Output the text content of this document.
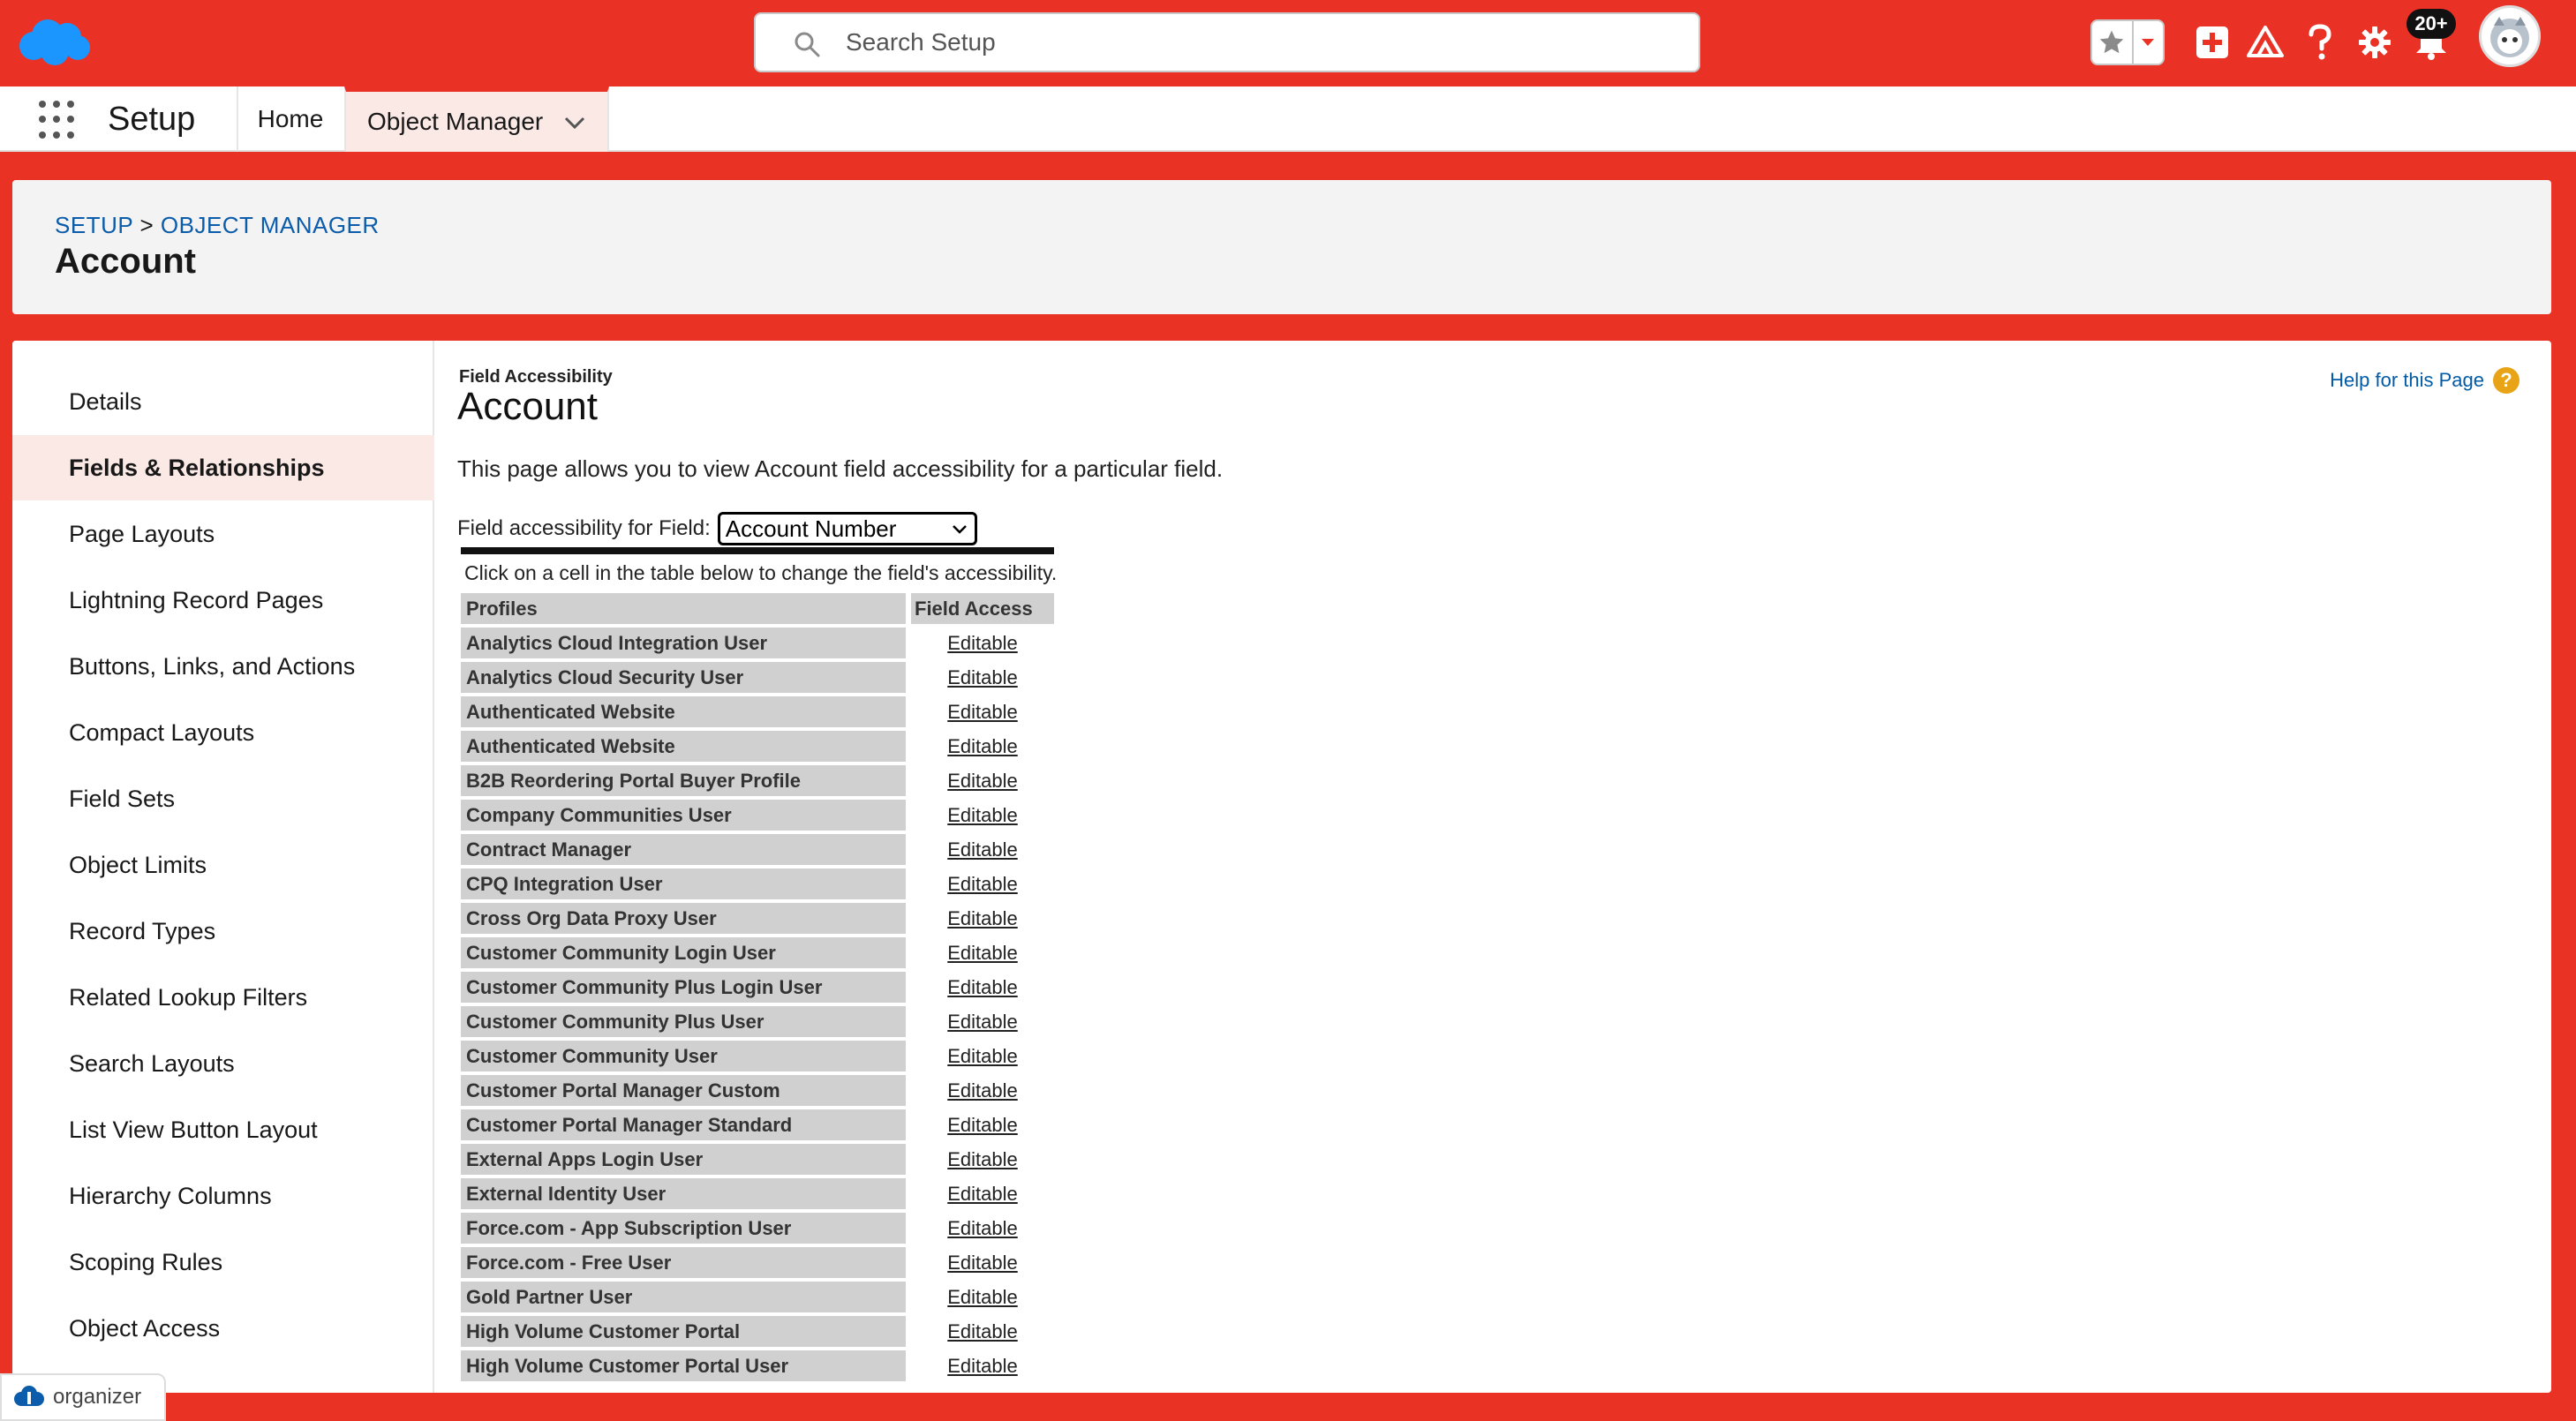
Search Setup
20+
Setup	Home	Object Manager
SETUP > OBJECT MANAGER
Account
Details
Fields & Relationships
Page Layouts
Lightning Record Pages
Buttons, Links, and Actions
Compact Layouts
Field Sets
Object Limits
Record Types
Related Lookup Filters
Search Layouts
List View Button Layout
Hierarchy Columns
Scoping Rules
Object Access
Field Accessibility
Account
Help for this Page ?
This page allows you to view Account field accessibility for a particular field.
Field accessibility for Field: Account Number
Click on a cell in the table below to change the field's accessibility.
Profiles	Field Access
Analytics Cloud Integration User	Editable
Analytics Cloud Security User	Editable
Authenticated Website	Editable
Authenticated Website	Editable
B2B Reordering Portal Buyer Profile	Editable
Company Communities User	Editable
Contract Manager	Editable
CPQ Integration User	Editable
Cross Org Data Proxy User	Editable
Customer Community Login User	Editable
Customer Community Plus Login User	Editable
Customer Community Plus User	Editable
Customer Community User	Editable
Customer Portal Manager Custom	Editable
Customer Portal Manager Standard	Editable
External Apps Login User	Editable
External Identity User	Editable
Force.com - App Subscription User	Editable
Force.com - Free User	Editable
Gold Partner User	Editable
High Volume Customer Portal	Editable
High Volume Customer Portal User	Editable
organizer
